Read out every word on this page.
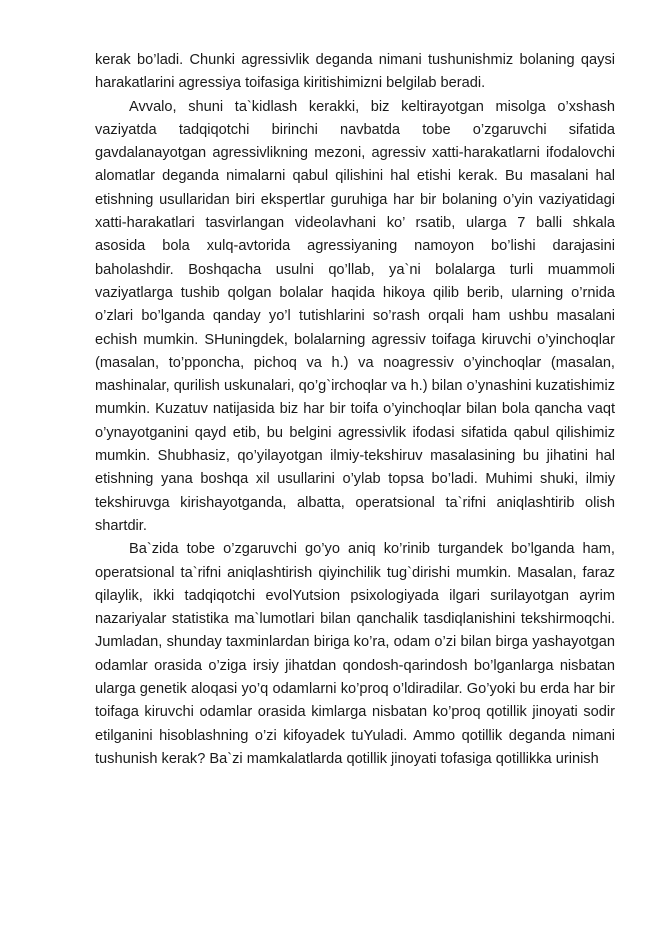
kerak bo’ladi. Chunki agressivlik deganda nimani tushunishmiz bolaning qaysi harakatlarini agressiya toifasiga kiritishimizni belgilab beradi.

Avvalo, shuni ta`kidlash kerakki, biz keltirayotgan misolga o’xshash vaziyatda tadqiqotchi birinchi navbatda tobe o’zgaruvchi sifatida gavdalanayotgan agressivlikning mezoni, agressiv xatti-harakatlarni ifodalovchi alomatlar deganda nimalarni qabul qilishini hal etishi kerak. Bu masalani hal etishning usullaridan biri ekspertlar guruhiga har bir bolaning o’yin vaziyatidagi xatti-harakatlari tasvirlangan videolavhani ko’ rsatib, ularga 7 balli shkala asosida bola xulq-avtorida agressiyaning namoyon bo’lishi darajasini baholashdir. Boshqacha usulni qo’llab, ya`ni bolalarga turli muammoli vaziyatlarga tushib qolgan bolalar haqida hikoya qilib berib, ularning o’rnida o’zlari bo’lganda qanday yo’l tutishlarini so’rash orqali ham ushbu masalani echish mumkin. SHuningdek, bolalarning agressiv toifaga kiruvchi o’yinchoqlar (masalan, to’pponcha, pichoq va h.) va noagressiv o’yinchoqlar (masalan, mashinalar, qurilish uskunalari, qo’g`irchoqlar va h.) bilan o’ynashini kuzatishimiz mumkin. Kuzatuv natijasida biz har bir toifa o’yinchoqlar bilan bola qancha vaqt o’ynayotganini qayd etib, bu belgini agressivlik ifodasi sifatida qabul qilishimiz mumkin. Shubhasiz, qo’yilayotgan ilmiy-tekshiruv masalasining bu jihatini hal etishning yana boshqa xil usullarini o’ylab topsa bo’ladi. Muhimi shuki, ilmiy tekshiruvga kirishayotganda, albatta, operatsional ta`rifni aniqlashtirib olish shartdir.

Ba`zida tobe o’zgaruvchi go’yo aniq ko’rinib turgandek bo’lganda ham, operatsional ta`rifni aniqlashtirish qiyinchilik tug`dirishi mumkin. Masalan, faraz qilaylik, ikki tadqiqotchi evolYutsion psixologiyada ilgari surilayotgan ayrim nazariyalar statistika ma`lumotlari bilan qanchalik tasdiqlanishini tekshirmoqchi. Jumladan, shunday taxminlardan biriga ko’ra, odam o’zi bilan birga yashayotgan odamlar orasida o’ziga irsiy jihatdan qondosh-qarindosh bo’lganlarga nisbatan ularga genetik aloqasi yo’q odamlarni ko’proq o’ldiradilar. Go’yoki bu erda har bir toifaga kiruvchi odamlar orasida kimlarga nisbatan ko’proq qotillik jinoyati sodir etilganini hisoblashning o’zi kifoyadek tuYuladi. Ammo qotillik deganda nimani tushunish kerak? Ba`zi mamkalatlarda qotillik jinoyati tofasiga qotillikka urinish
